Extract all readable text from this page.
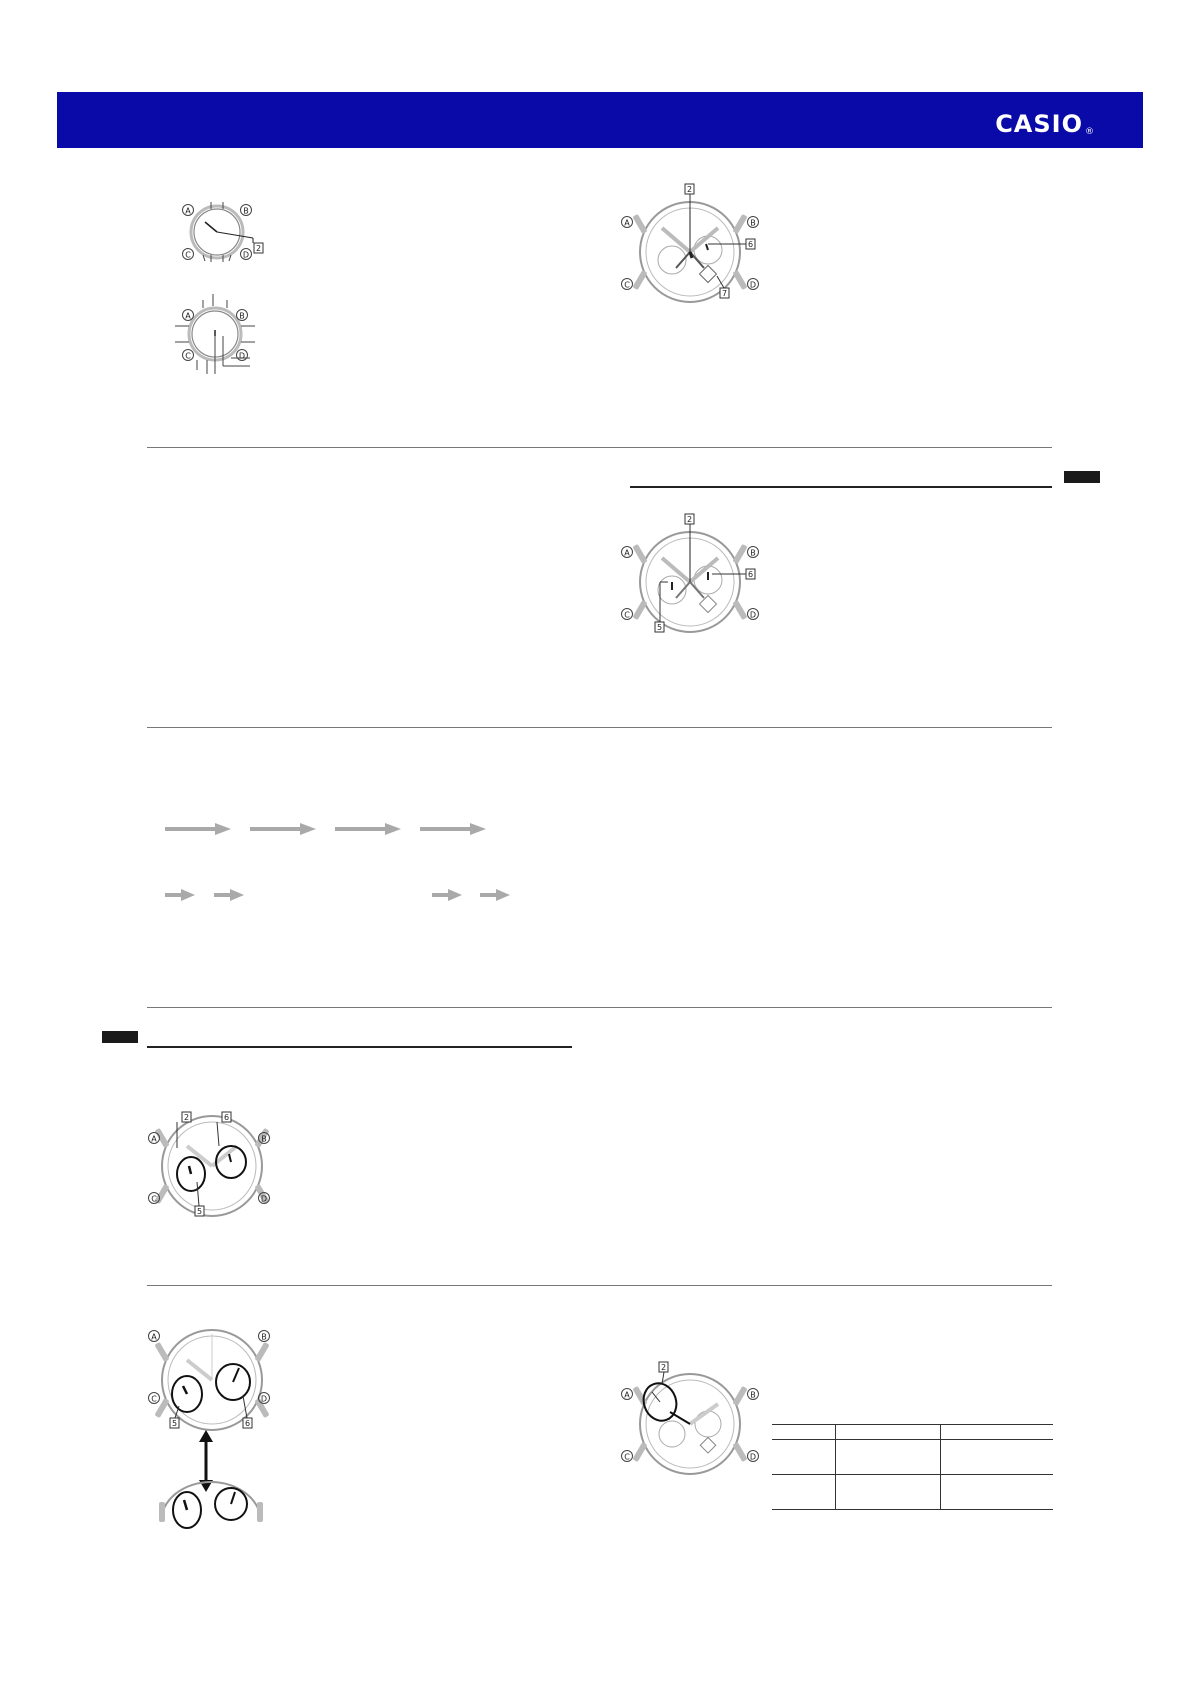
CASIO ®
A	B
C	D
2
A	B
C	D
2
6
7
A	B
C	D
2
6
5
A	B
C	D
2	6
5
A	B
C	D
5	6
A	B
C	D
2
A	B
C	D
